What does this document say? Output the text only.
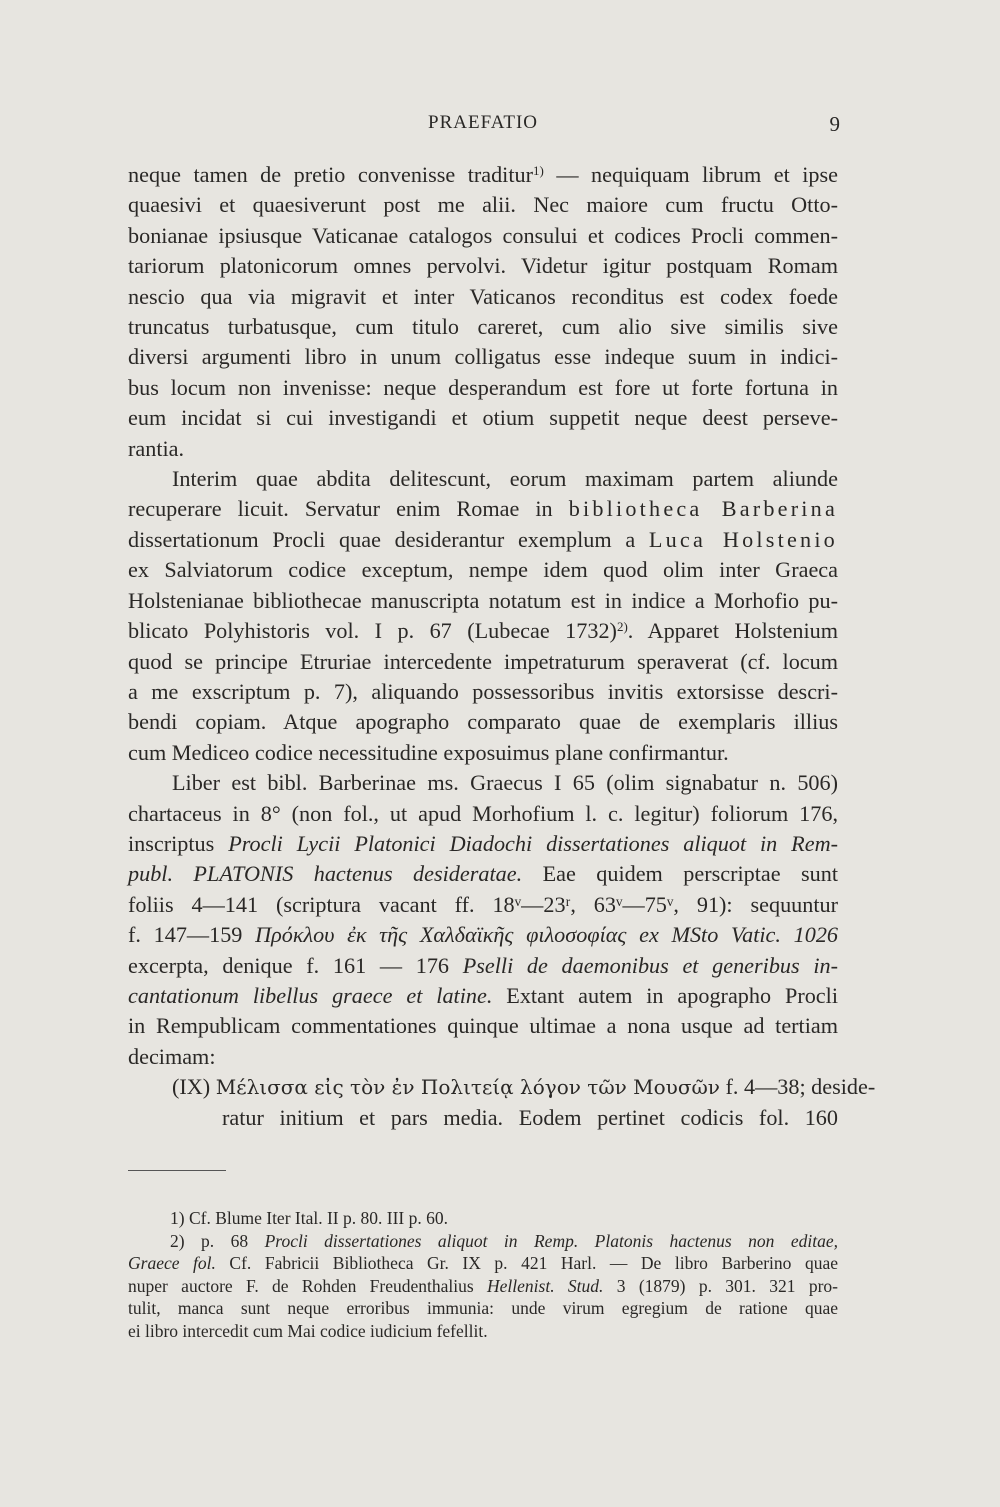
PRAEFATIO	9

neque tamen de pretio convenisse traditur$^{1)}$ — nequiquam librum et ipse
quaesivi et quaesiverunt post me alii. Nec maiore cum fructu Otto-
bonianae ipsiusque Vaticanae catalogos consului et codices Procli commen-
tariorum platonicorum omnes pervolvi. Videtur igitur postquam Romam
nescio qua via migravit et inter Vaticanos reconditus est codex foede
truncatus turbatusque, cum titulo careret, cum alio sive similis sive
diversi argumenti libro in unum colligatus esse indeque suum in indici-
bus locum non invenisse: neque desperandum est fore ut forte fortuna in
eum incidat si cui investigandi et otium suppetit neque deest perseve-
rantia.

Interim quae abdita delitescunt, eorum maximam partem aliunde
recuperare licuit. Servatur enim Romae in bibliotheca Barberina
dissertationum Procli quae desiderantur exemplum a Luca Holstenio
ex Salviatorum codice exceptum, nempe idem quod olim inter Graeca
Holstenianae bibliothecae manuscripta notatum est in indice a Morhofio pu-
blicato Polyhistoris vol. I p. 67 (Lubecae 1732)$^{2)}$. Apparet Holstenium
quod se principe Etruriae intercedente impetraturum speraverat (cf. locum
a me exscriptum p. 7), aliquando possessoribus invitis extorsisse descri-
bendi copiam. Atque apographo comparato quae de exemplaris illius
cum Mediceo codice necessitudine exposuimus plane confirmantur.

Liber est bibl. Barberinae ms. Graecus I 65 (olim signabatur n. 506)
chartaceus in 8° (non fol., ut apud Morhofium l. c. legitur) foliorum 176,
inscriptus Procli Lycii Platonici Diadochi dissertationes aliquot in Rem-
publ. PLATONIS hactenus desideratae. Eae quidem perscriptae sunt
foliis 4—141 (scriptura vacant ff. 18ᵛ—23ʳ, 63ᵛ—75ᵛ, 91): sequuntur
f. 147—159 Πρόκλου ἐκ τῆς Χαλδαϊκῆς φιλοσοφίας ex MSto Vatic. 1026
excerpta, denique f. 161 — 176 Pselli de daemonibus et generibus in-
cantationum libellus graece et latine. Extant autem in apographo Procli
in Rempublicam commentationes quinque ultimae a nona usque ad tertiam
decimam:

(IX) Μέλισσα εἰς τὸν ἐν Πολιτείᾳ λόγον τῶν Μουσῶν f. 4—38; deside-
ratur initium et pars media. Eodem pertinet codicis fol. 160

1) Cf. Blume Iter Ital. II p. 80. III p. 60.
2) p. 68 Procli dissertationes aliquot in Remp. Platonis hactenus non editae,
Graece fol. Cf. Fabricii Bibliotheca Gr. IX p. 421 Harl. — De libro Barberino quae
nuper auctore F. de Rohden Freudenthalius Hellenist. Stud. 3 (1879) p. 301. 321 pro-
tulit, manca sunt neque erroribus immunia: unde virum egregium de ratione quae
ei libro intercedit cum Mai codice iudicium fefellit.
